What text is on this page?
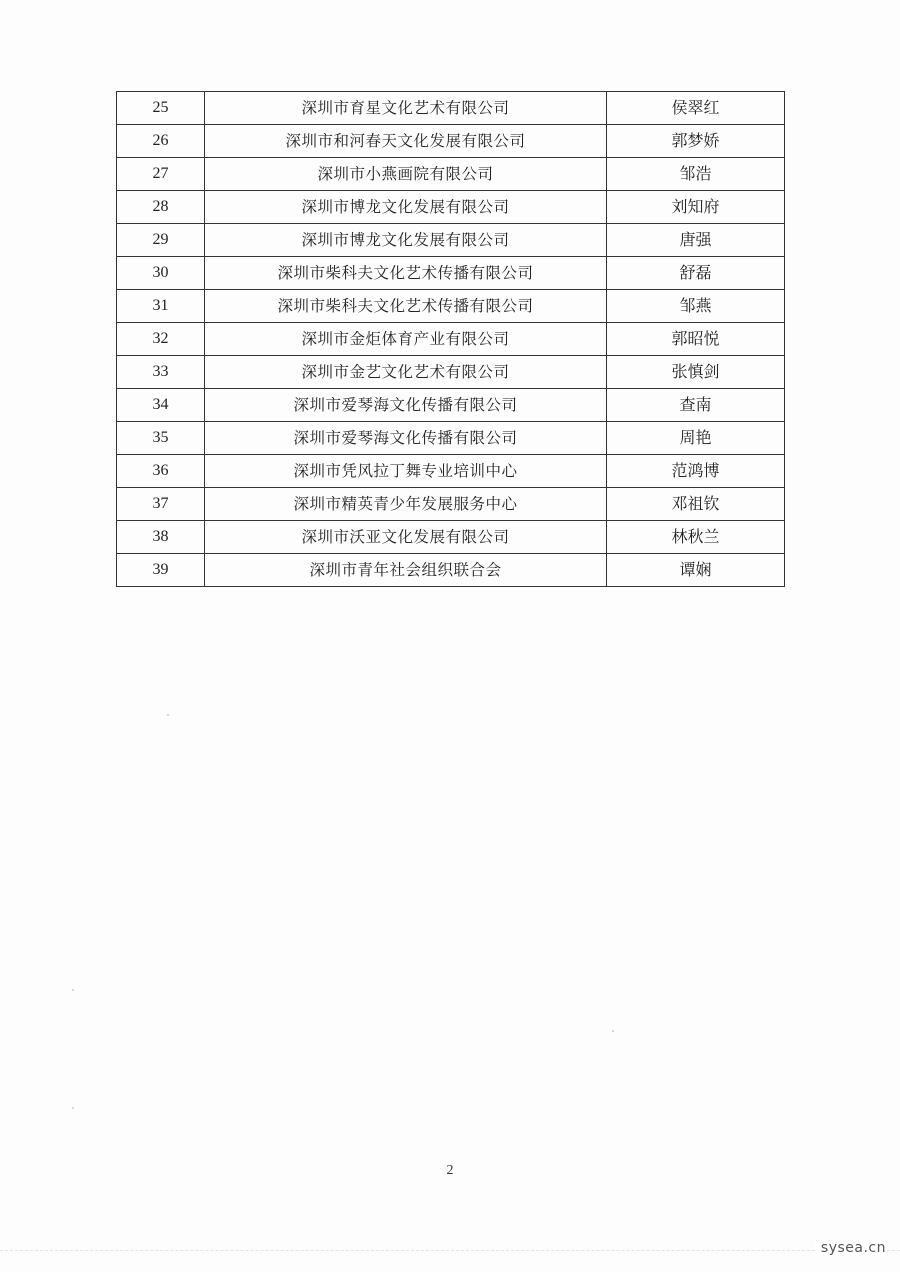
25	深圳市育星文化艺术有限公司	侯翠红
26	深圳市和河春天文化发展有限公司	郭梦娇
27	深圳市小燕画院有限公司	邹浩
28	深圳市博龙文化发展有限公司	刘知府
29	深圳市博龙文化发展有限公司	唐强
30	深圳市柴科夫文化艺术传播有限公司	舒磊
31	深圳市柴科夫文化艺术传播有限公司	邹燕
32	深圳市金炬体育产业有限公司	郭昭悦
33	深圳市金艺文化艺术有限公司	张慎剑
34	深圳市爱琴海文化传播有限公司	查南
35	深圳市爱琴海文化传播有限公司	周艳
36	深圳市凭风拉丁舞专业培训中心	范鸿博
37	深圳市精英青少年发展服务中心	邓祖钦
38	深圳市沃亚文化发展有限公司	林秋兰
39	深圳市青年社会组织联合会	谭娴
2
sysea.cn
